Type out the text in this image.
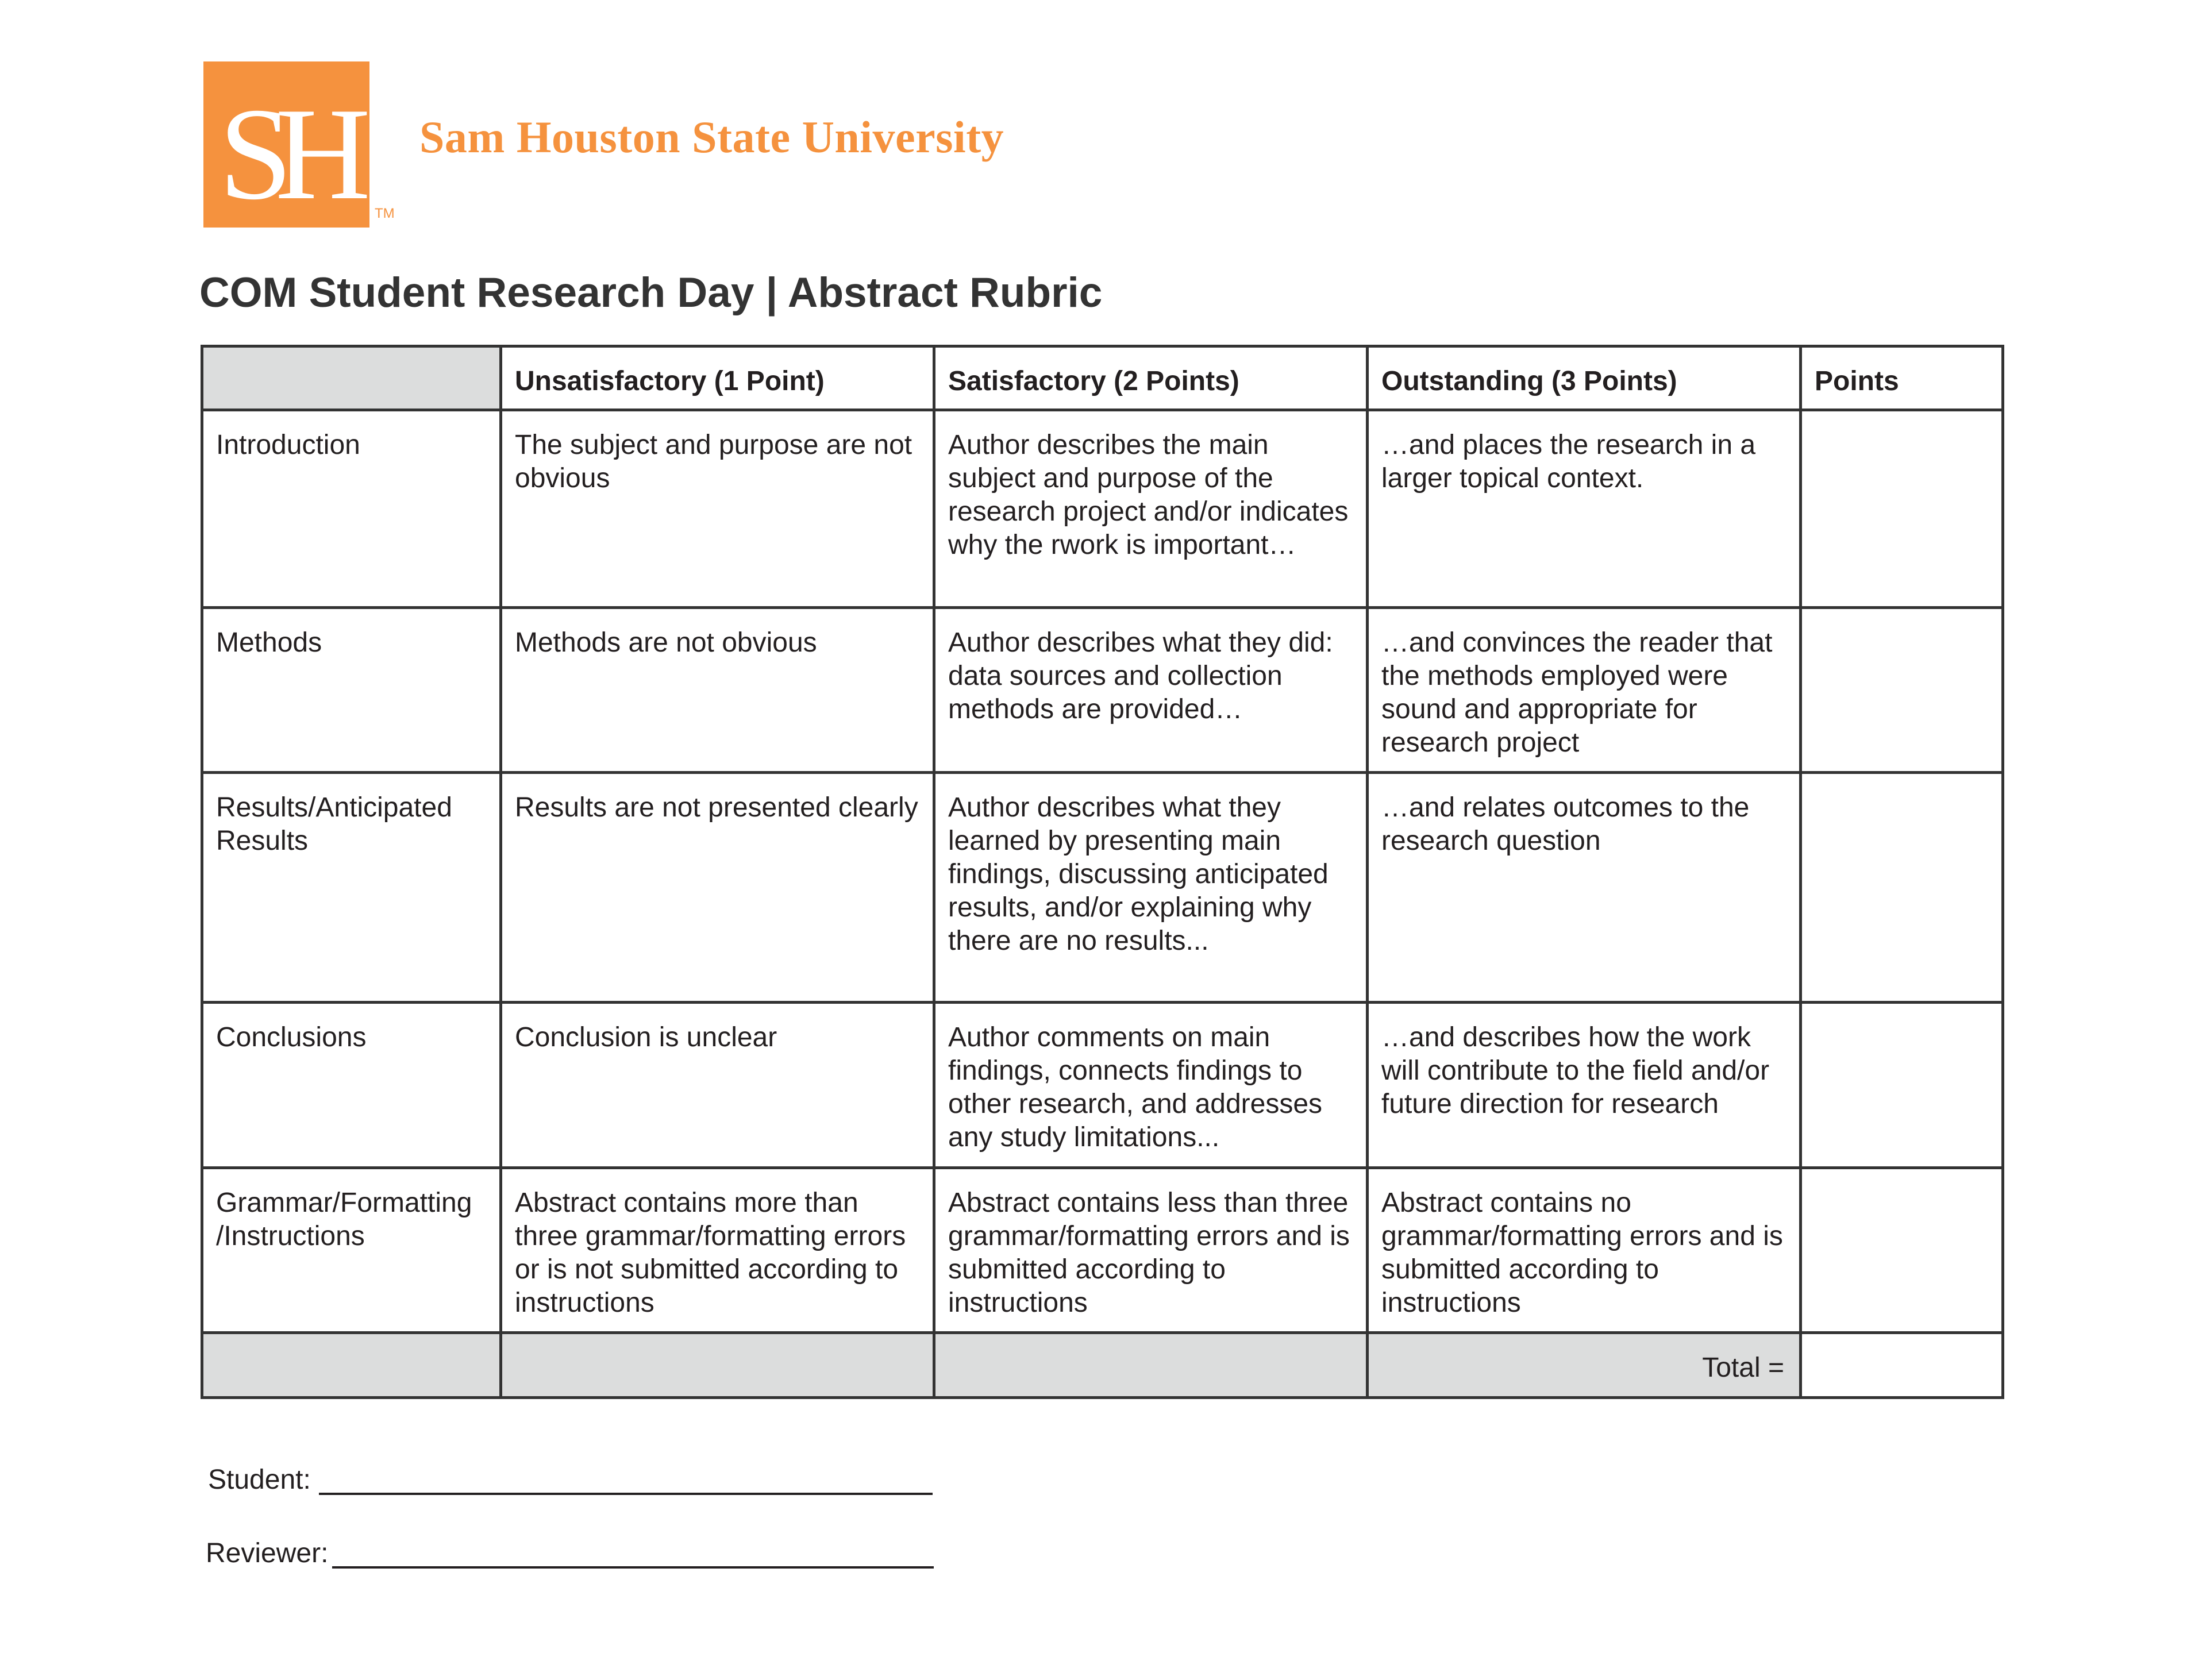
SH	TM
Sam Houston State University
COM Student Research Day | Abstract Rubric
	Unsatisfactory (1 Point)	Satisfactory (2 Points)	Outstanding (3 Points)	Points
Introduction	The subject and purpose are not obvious	Author describes the main subject and purpose of the research project and/or indicates why the rwork is important…	…and places the research in a larger topical context.	
Methods	Methods are not obvious	Author describes what they did: data sources and collection methods are provided…	…and convinces the reader that the methods employed were sound and appropriate for research project	
Results/Anticipated Results	Results are not presented clearly	Author describes what they learned by presenting main findings, discussing anticipated results, and/or explaining why there are no results...	…and relates outcomes to the research question	
Conclusions	Conclusion is unclear	Author comments on main findings, connects findings to other research, and addresses any study limitations...	…and describes how the work will contribute to the field and/or future direction for research	
Grammar/Formatting /Instructions	Abstract contains more than three grammar/formatting errors or is not submitted according to instructions	Abstract contains less than three grammar/formatting errors and is submitted according to instructions	Abstract contains no grammar/formatting errors and is submitted according to instructions	
			Total =	
Student:
Reviewer:
